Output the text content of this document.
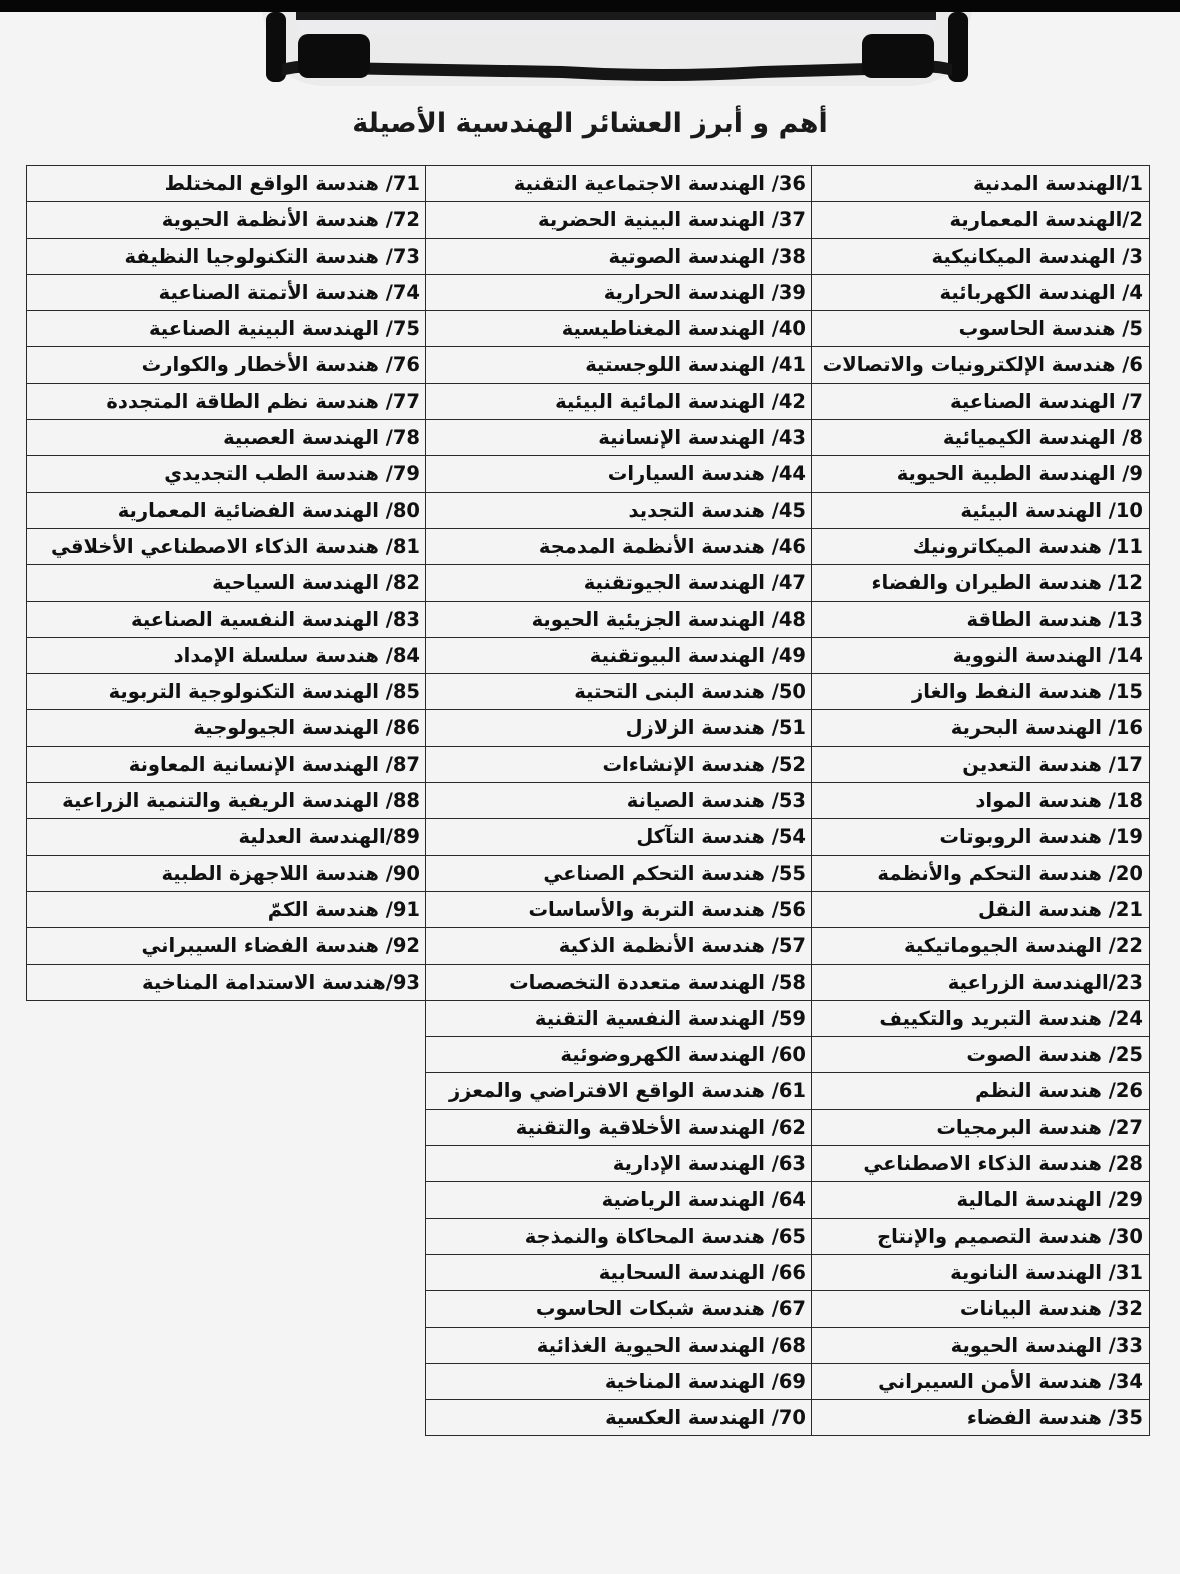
أهم و أبرز العشائر الهندسية الأصيلة
1/الهندسة المدنية
2/الهندسة المعمارية
3/ الهندسة الميكانيكية
4/ الهندسة الكهربائية
5/ هندسة الحاسوب
6/ هندسة الإلكترونيات والاتصالات
7/ الهندسة الصناعية
8/ الهندسة الكيميائية
9/ الهندسة الطبية الحيوية
10/ الهندسة البيئية
11/ هندسة الميكاترونيك
12/ هندسة الطيران والفضاء
13/ هندسة الطاقة
14/ الهندسة النووية
15/ هندسة النفط والغاز
16/ الهندسة البحرية
17/ هندسة التعدين
18/ هندسة المواد
19/ هندسة الروبوتات
20/ هندسة التحكم والأنظمة
21/ هندسة النقل
22/ الهندسة الجيوماتيكية
23/الهندسة الزراعية
24/ هندسة التبريد والتكييف
25/ هندسة الصوت
26/ هندسة النظم
27/ هندسة البرمجيات
28/ هندسة الذكاء الاصطناعي
29/ الهندسة المالية
30/ هندسة التصميم والإنتاج
31/ الهندسة النانوية
32/ هندسة البيانات
33/ الهندسة الحيوية
34/ هندسة الأمن السيبراني
35/ هندسة الفضاء
36/ الهندسة الاجتماعية التقنية
37/ الهندسة البينية الحضرية
38/ الهندسة الصوتية
39/ الهندسة الحرارية
40/ الهندسة المغناطيسية
41/ الهندسة اللوجستية
42/ الهندسة المائية البيئية
43/ الهندسة الإنسانية
44/ هندسة السيارات
45/ هندسة التجديد
46/ هندسة الأنظمة المدمجة
47/ الهندسة الجيوتقنية
48/ الهندسة الجزيئية الحيوية
49/ الهندسة البيوتقنية
50/ هندسة البنى التحتية
51/ هندسة الزلازل
52/ هندسة الإنشاءات
53/ هندسة الصيانة
54/ هندسة التآكل
55/ هندسة التحكم الصناعي
56/ هندسة التربة والأساسات
57/ هندسة الأنظمة الذكية
58/ الهندسة متعددة التخصصات
59/ الهندسة النفسية التقنية
60/ الهندسة الكهروضوئية
61/ هندسة الواقع الافتراضي والمعزز
62/ الهندسة الأخلاقية والتقنية
63/ الهندسة الإدارية
64/ الهندسة الرياضية
65/ هندسة المحاكاة والنمذجة
66/ الهندسة السحابية
67/ هندسة شبكات الحاسوب
68/ الهندسة الحيوية الغذائية
69/ الهندسة المناخية
70/ الهندسة العكسية
71/ هندسة الواقع المختلط
72/ هندسة الأنظمة الحيوية
73/ هندسة التكنولوجيا النظيفة
74/ هندسة الأتمتة الصناعية
75/ الهندسة البينية الصناعية
76/ هندسة الأخطار والكوارث
77/ هندسة نظم الطاقة المتجددة
78/ الهندسة العصبية
79/ هندسة الطب التجديدي
80/ الهندسة الفضائية المعمارية
81/ هندسة الذكاء الاصطناعي الأخلاقي
82/ الهندسة السياحية
83/ الهندسة النفسية الصناعية
84/ هندسة سلسلة الإمداد
85/ الهندسة التكنولوجية التربوية
86/ الهندسة الجيولوجية
87/ الهندسة الإنسانية المعاونة
88/ الهندسة الريفية والتنمية الزراعية
89/الهندسة العدلية
90/ هندسة اللاجهزة الطبية
91/ هندسة الكمّ
92/ هندسة الفضاء السيبراني
93/هندسة الاستدامة المناخية
